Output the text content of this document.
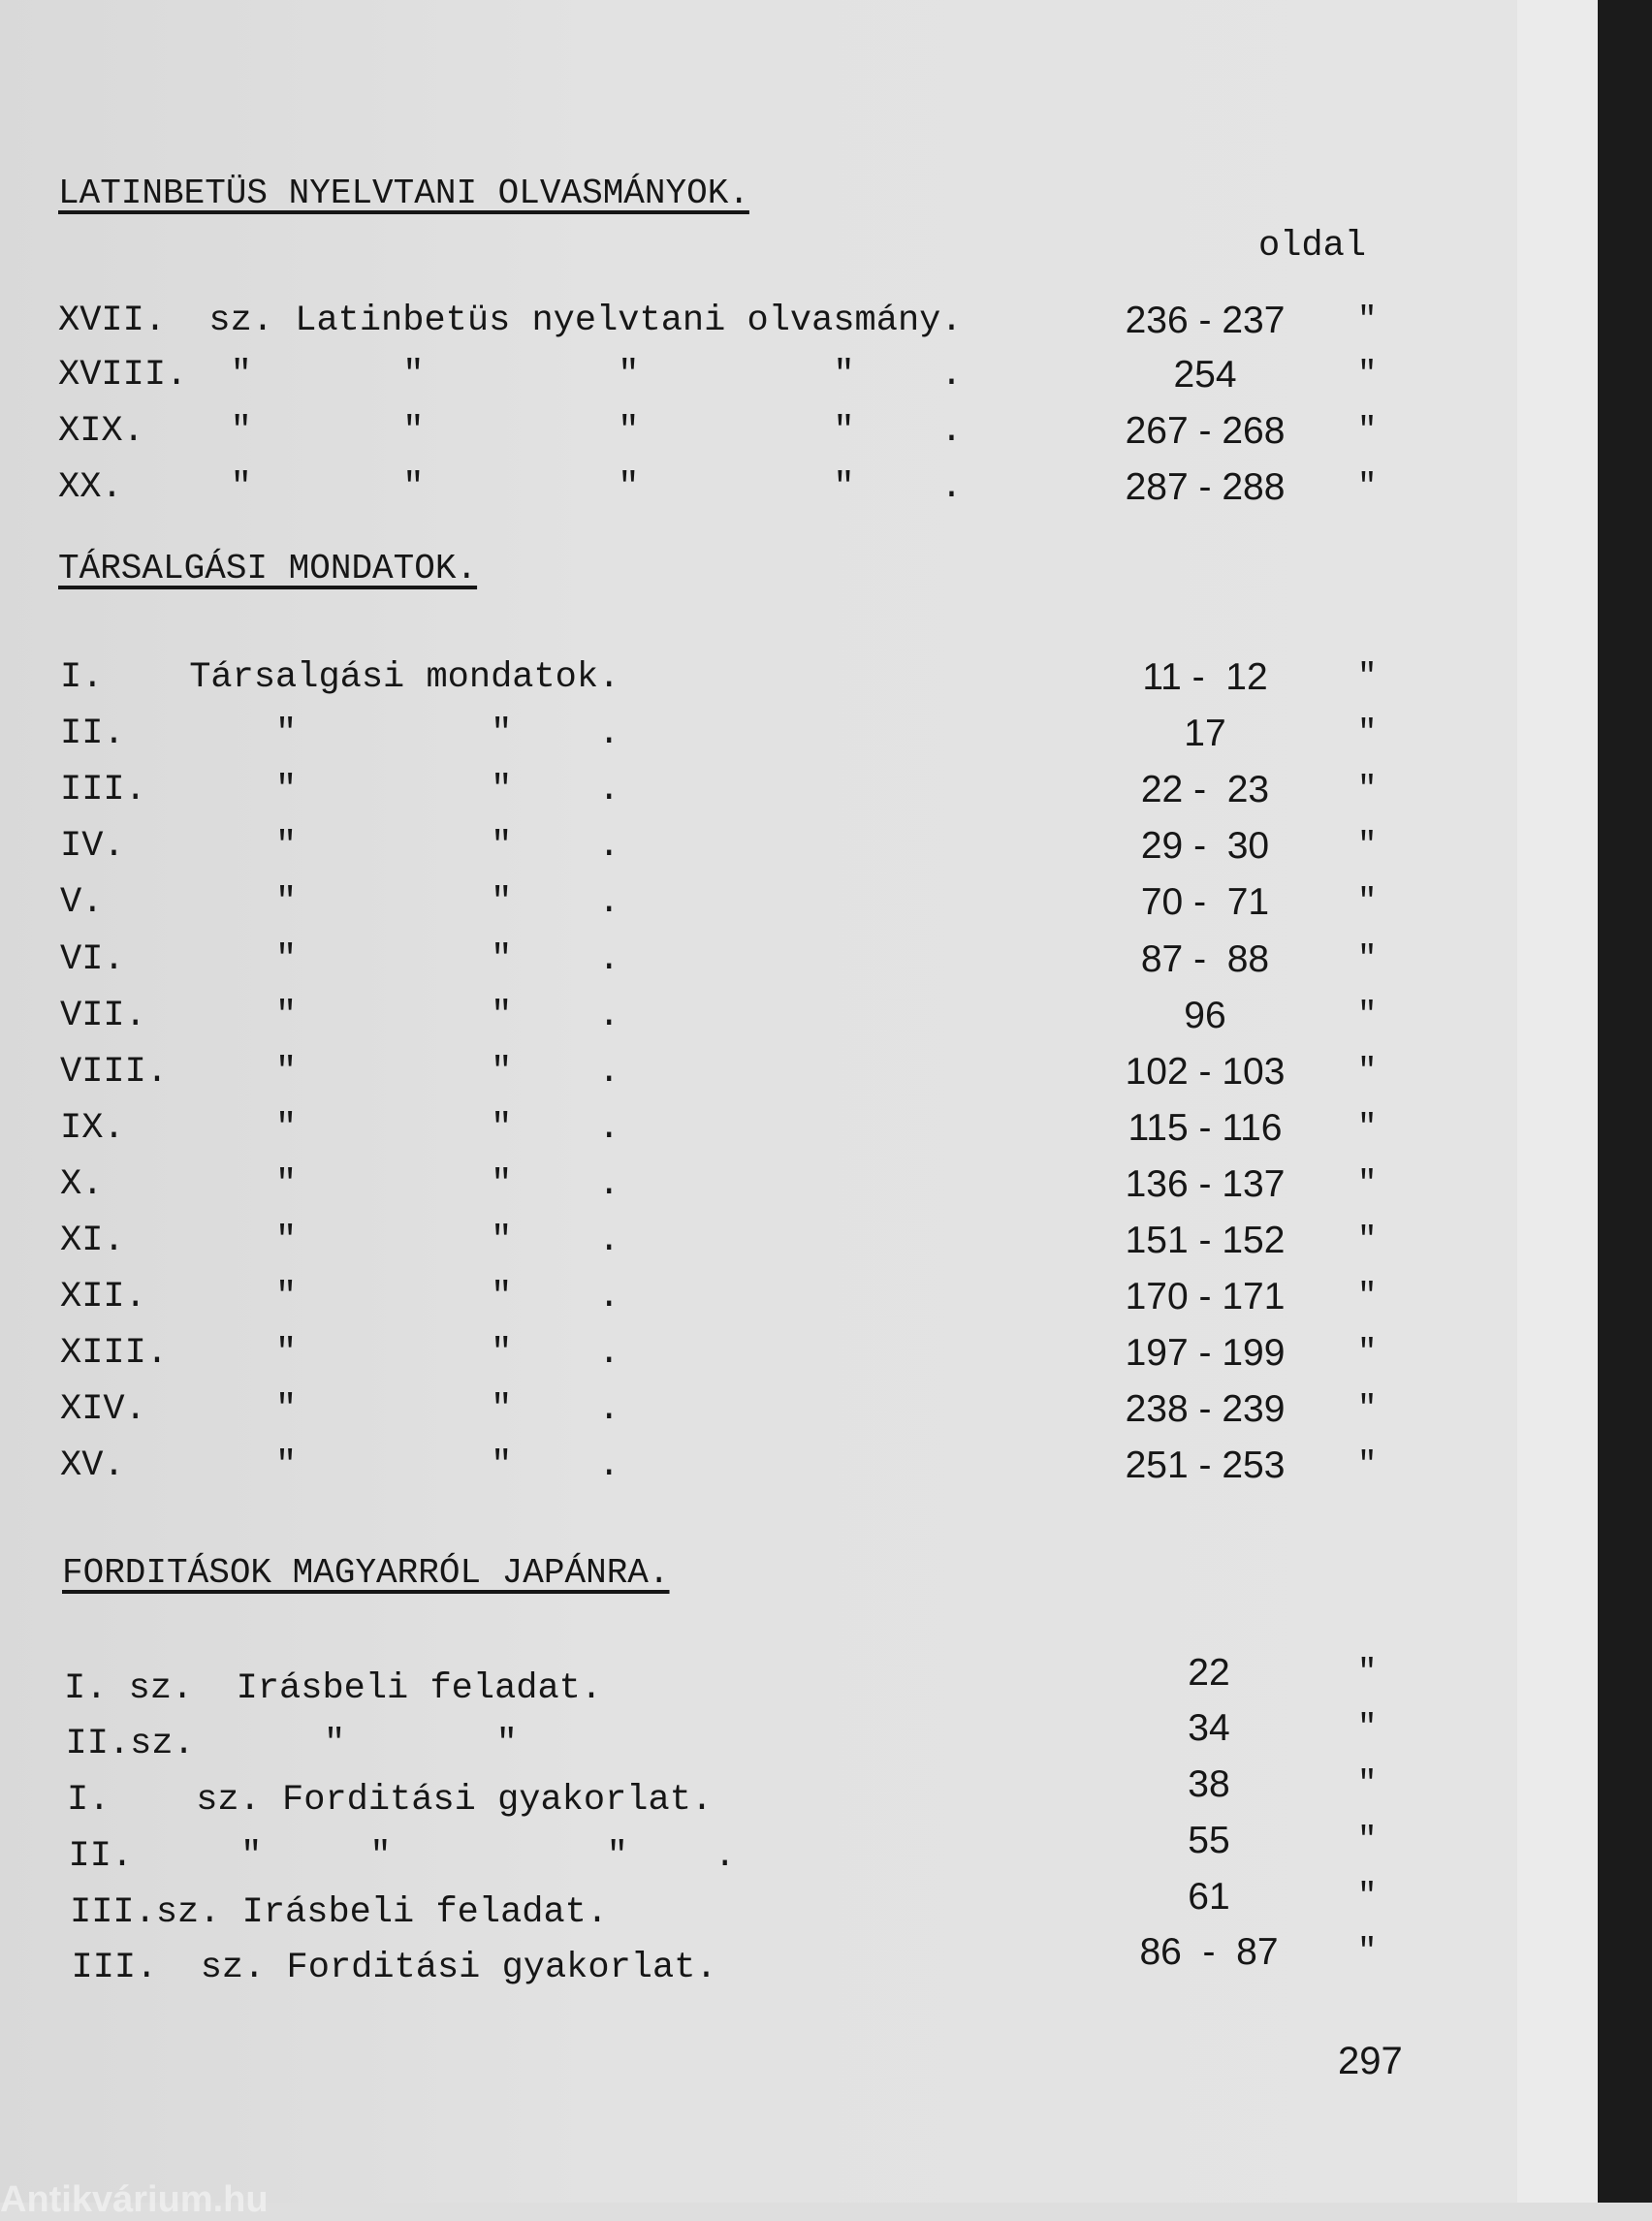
oldal
297
Antikvárium.hu
LATINBETÜS NYELVTANI OLVASMÁNYOK.
XVII.  sz. Latinbetüs nyelvtani olvasmány.	236 - 237	"
XVIII.  "       "         "         "    .	254	"
XIX.    "       "         "         "    .	267 - 268	"
XX.     "       "         "         "    .	287 - 288	"
TÁRSALGÁSI MONDATOK.
I.    Társalgási mondatok.	11 -  12	"
II.       "         "    .	17	"
III.      "         "    .	22 -  23	"
IV.       "         "    .	29 -  30	"
V.        "         "    .	70 -  71	"
VI.       "         "    .	87 -  88	"
VII.      "         "    .	96	"
VIII.     "         "    .	102 - 103	"
IX.       "         "    .	115 - 116	"
X.        "         "    .	136 - 137	"
XI.       "         "    .	151 - 152	"
XII.      "         "    .	170 - 171	"
XIII.     "         "    .	197 - 199	"
XIV.      "         "    .	238 - 239	"
XV.       "         "    .	251 - 253	"
FORDITÁSOK MAGYARRÓL JAPÁNRA.
I. sz.  Irásbeli feladat.	22	"
II.sz.      "       "	34	"
I.    sz. Forditási gyakorlat.	38	"
II.     "     "          "    .	55	"
III.sz. Irásbeli feladat.	61	"
III.  sz. Forditási gyakorlat.	86  -  87	"
